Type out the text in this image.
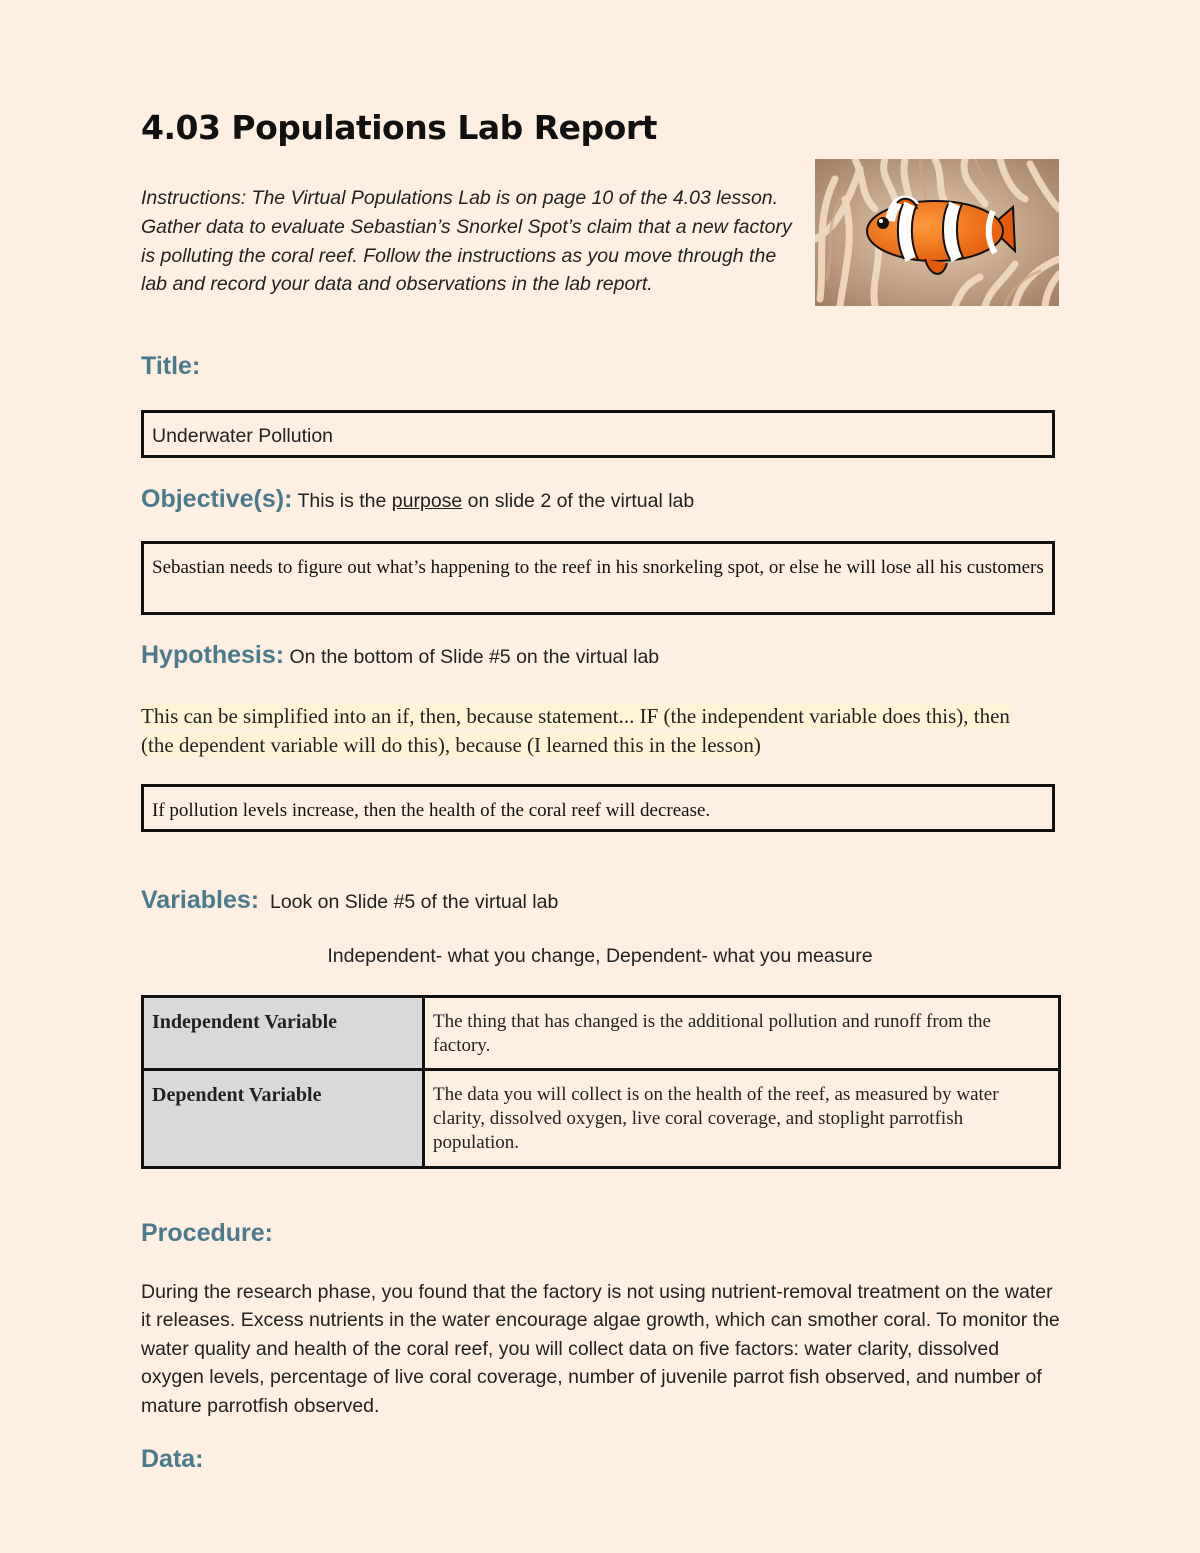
4.03 Populations Lab Report

Instructions: The Virtual Populations Lab is on page 10 of the 4.03 lesson. Gather data to evaluate Sebastian’s Snorkel Spot’s claim that a new factory is polluting the coral reef. Follow the instructions as you move through the lab and record your data and observations in the lab report.

Title:
Underwater Pollution
Objective(s): This is the purpose on slide 2 of the virtual lab
Sebastian needs to figure out what’s happening to the reef in his snorkeling spot, or else he will lose all his customers
Hypothesis: On the bottom of Slide #5 on the virtual lab

This can be simplified into an if, then, because statement... IF (the independent variable does this), then (the dependent variable will do this), because (I learned this in the lesson)

If pollution levels increase, then the health of the coral reef will decrease.
Variables:  Look on Slide #5 of the virtual lab

Independent- what you change, Dependent- what you measure

Independent Variable	The thing that has changed is the additional pollution and runoff from the factory.
Dependent Variable	The data you will collect is on the health of the reef, as measured by water clarity, dissolved oxygen, live coral coverage, and stoplight parrotfish population.
Procedure:

During the research phase, you found that the factory is not using nutrient-removal treatment on the water it releases. Excess nutrients in the water encourage algae growth, which can smother coral. To monitor the water quality and health of the coral reef, you will collect data on five factors: water clarity, dissolved oxygen levels, percentage of live coral coverage, number of juvenile parrot fish observed, and number of mature parrotfish observed.

Data:
